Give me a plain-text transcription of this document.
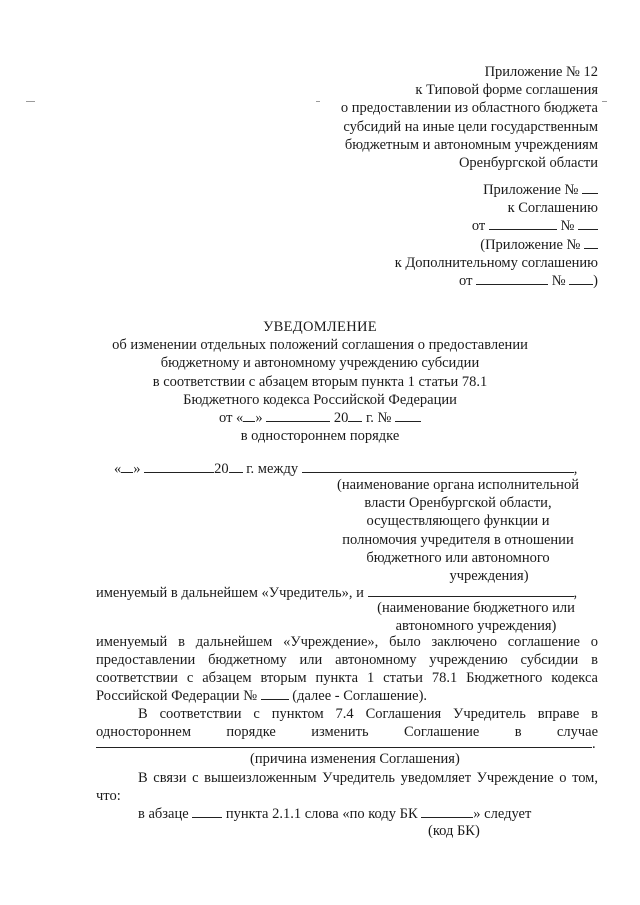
Приложение № 12
к Типовой форме соглашения
о предоставлении из областного бюджета
субсидий на иные цели государственным
бюджетным и автономным учреждениям
Оренбургской области
Приложение №
к Соглашению
от	№
(Приложение №
к Дополнительному соглашению
от	№ )
УВЕДОМЛЕНИЕ
об изменении отдельных положений соглашения о предоставлении
бюджетному и автономному учреждению субсидии
в соответствии с абзацем вторым пункта 1 статьи 78.1
Бюджетного кодекса Российской Федерации
от « »	20 г. №
в одностороннем порядке
« »	20 г. между	,
(наименование органа исполнительной
власти Оренбургской области,
осуществляющего функции и
полномочия учредителя в отношении
бюджетного или автономного
учреждения)
именуемый в дальнейшем «Учредитель», и	,
(наименование бюджетного или
автономного учреждения)
именуемый в дальнейшем «Учреждение», было заключено соглашение о
предоставлении бюджетному или автономному учреждению субсидии в
соответствии с абзацем вторым пункта 1 статьи 78.1 Бюджетного кодекса
Российской Федерации № (далее - Соглашение).
В соответствии с пунктом 7.4 Соглашения Учредитель вправе в
одностороннем порядке изменить Соглашение в случае
.
(причина изменения Соглашения)
В связи с вышеизложенным Учредитель уведомляет Учреждение о том,
что:
в абзаце	пункта 2.1.1 слова «по коду БК	» следует
(код БК)
